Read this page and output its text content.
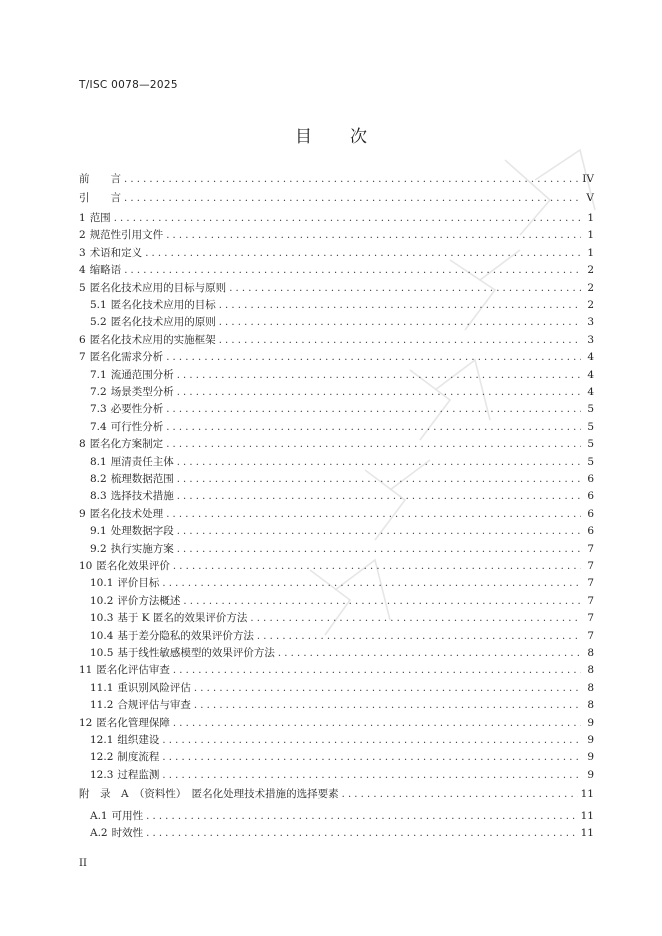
T/ISC 0078—2025
目 次
前　　言 . . .	IV
引　　言 . . .	V
1 范围 . . .	1
2 规范性引用文件 . . .	1
3 术语和定义 . . .	1
4 缩略语 . . .	2
5 匿名化技术应用的目标与原则 . . .	2
5.1 匿名化技术应用的目标 . . .	2
5.2 匿名化技术应用的原则 . . .	3
6 匿名化技术应用的实施框架 . . .	3
7 匿名化需求分析 . . .	4
7.1 流通范围分析 . . .	4
7.2 场景类型分析 . . .	4
7.3 必要性分析 . . .	5
7.4 可行性分析 . . .	5
8 匿名化方案制定 . . .	5
8.1 厘清责任主体 . . .	5
8.2 梳理数据范围 . . .	6
8.3 选择技术措施 . . .	6
9 匿名化技术处理 . . .	6
9.1 处理数据字段 . . .	6
9.2 执行实施方案 . . .	7
10 匿名化效果评价 . . .	7
10.1 评价目标 . . .	7
10.2 评价方法概述 . . .	7
10.3 基于 K 匿名的效果评价方法 . . .	7
10.4 基于差分隐私的效果评价方法 . . .	7
10.5 基于线性敏感模型的效果评价方法 . . .	8
11 匿名化评估审查 . . .	8
11.1 重识别风险评估 . . .	8
11.2 合规评估与审查 . . .	8
12 匿名化管理保障 . . .	9
12.1 组织建设 . . .	9
12.2 制度流程 . . .	9
12.3 过程监测 . . .	9
附　录　A　（资料性）　匿名化处理技术措施的选择要素 . . .	11
A.1 可用性 . . .	11
A.2 时效性 . . .	11
II
